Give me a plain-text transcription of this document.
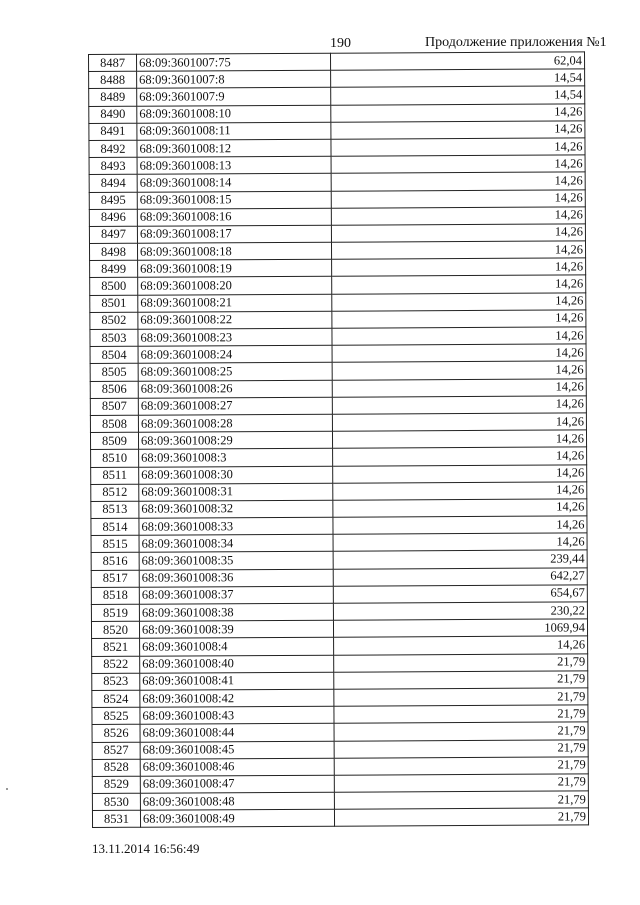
190	Продолжение приложения №1
8487	68:09:3601007:75	62,04
8488	68:09:3601007:8	14,54
8489	68:09:3601007:9	14,54
8490	68:09:3601008:10	14,26
8491	68:09:3601008:11	14,26
8492	68:09:3601008:12	14,26
8493	68:09:3601008:13	14,26
8494	68:09:3601008:14	14,26
8495	68:09:3601008:15	14,26
8496	68:09:3601008:16	14,26
8497	68:09:3601008:17	14,26
8498	68:09:3601008:18	14,26
8499	68:09:3601008:19	14,26
8500	68:09:3601008:20	14,26
8501	68:09:3601008:21	14,26
8502	68:09:3601008:22	14,26
8503	68:09:3601008:23	14,26
8504	68:09:3601008:24	14,26
8505	68:09:3601008:25	14,26
8506	68:09:3601008:26	14,26
8507	68:09:3601008:27	14,26
8508	68:09:3601008:28	14,26
8509	68:09:3601008:29	14,26
8510	68:09:3601008:3	14,26
8511	68:09:3601008:30	14,26
8512	68:09:3601008:31	14,26
8513	68:09:3601008:32	14,26
8514	68:09:3601008:33	14,26
8515	68:09:3601008:34	14,26
8516	68:09:3601008:35	239,44
8517	68:09:3601008:36	642,27
8518	68:09:3601008:37	654,67
8519	68:09:3601008:38	230,22
8520	68:09:3601008:39	1069,94
8521	68:09:3601008:4	14,26
8522	68:09:3601008:40	21,79
8523	68:09:3601008:41	21,79
8524	68:09:3601008:42	21,79
8525	68:09:3601008:43	21,79
8526	68:09:3601008:44	21,79
8527	68:09:3601008:45	21,79
8528	68:09:3601008:46	21,79
8529	68:09:3601008:47	21,79
8530	68:09:3601008:48	21,79
8531	68:09:3601008:49	21,79
13.11.2014 16:56:49
